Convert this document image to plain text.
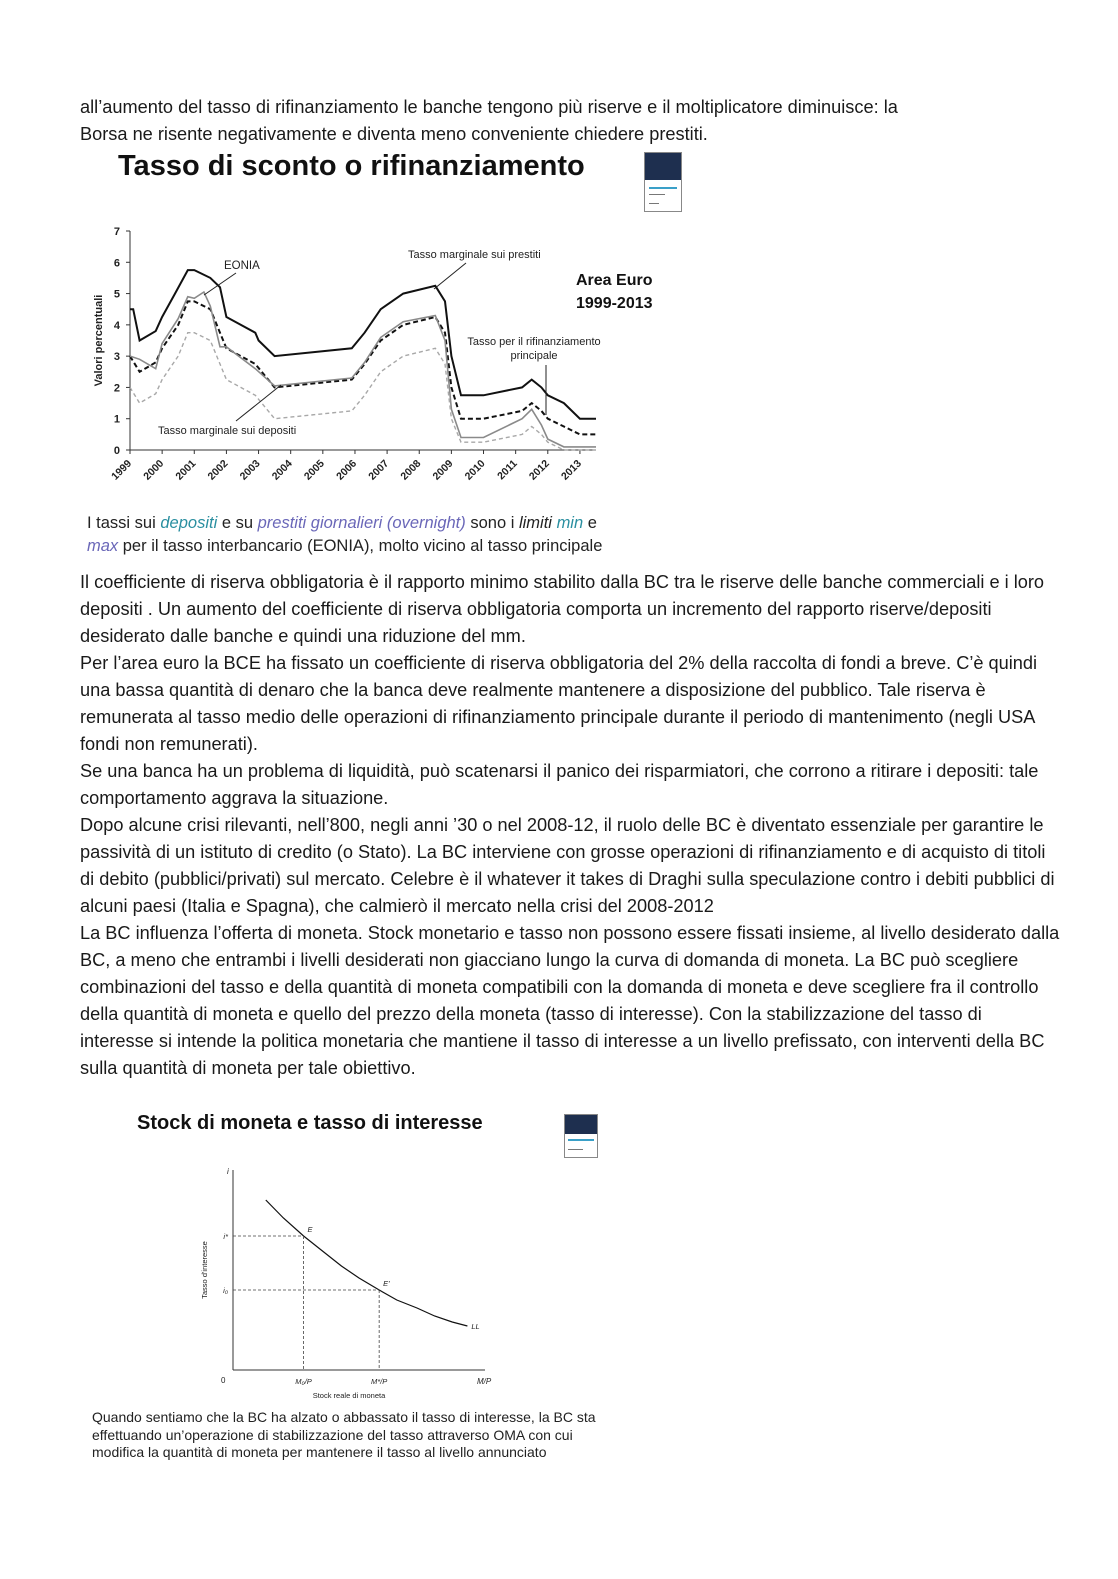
all’aumento del tasso di rifinanziamento le banche tengono più riserve e il moltiplicatore diminuisce: la
Borsa ne risente negativamente e diventa meno conveniente chiedere prestiti.
Tasso di sconto o rifinanziamento
0
1
2
3
4
5
6
7
1999 2000 2001 2002 2003 2004 2005 2006 2007 2008 2009 2010 2011 2012 2013
Valori percentuali
EONIA
Tasso marginale sui prestiti
Tasso per il rifinanziamento
principale
Tasso marginale sui depositi
Area Euro
1999-2013
I tassi sui depositi e su prestiti giornalieri (overnight) sono i limiti min e
max per il tasso interbancario (EONIA), molto vicino al tasso principale
Il coefficiente di riserva obbligatoria è il rapporto minimo stabilito dalla BC tra le riserve delle banche commerciali e i loro depositi . Un aumento del coefficiente di riserva obbligatoria comporta un incremento del rapporto riserve/depositi desiderato dalle banche e quindi una riduzione del mm.
Per l’area euro la BCE ha fissato un coefficiente di riserva obbligatoria del 2% della raccolta di fondi a breve. C’è quindi una bassa quantità di denaro che la banca deve realmente mantenere a disposizione del pubblico. Tale riserva è remunerata al tasso medio delle operazioni di rifinanziamento principale durante il periodo di mantenimento (negli USA fondi non remunerati).
Se una banca ha un problema di liquidità, può scatenarsi il panico dei risparmiatori, che corrono a ritirare i depositi: tale comportamento aggrava la situazione.
Dopo alcune crisi rilevanti, nell’800, negli anni ’30 o nel 2008-12, il ruolo delle BC è diventato essenziale per garantire le passività di un istituto di credito (o Stato). La BC interviene con grosse operazioni di rifinanziamento e di acquisto di titoli di debito (pubblici/privati) sul mercato. Celebre è il whatever it takes di Draghi sulla speculazione contro i debiti pubblici di alcuni paesi (Italia e Spagna), che calmierò il mercato nella crisi del 2008-2012
La BC influenza l’offerta di moneta. Stock monetario e tasso non possono essere fissati insieme, al livello desiderato dalla BC, a meno che entrambi i livelli desiderati non giacciano lungo la curva di domanda di moneta. La BC può scegliere combinazioni del tasso e della quantità di moneta compatibili con la domanda di moneta e deve scegliere fra il controllo della quantità di moneta e quello del prezzo della moneta (tasso di interesse). Con la stabilizzazione del tasso di interesse si intende la politica monetaria che mantiene il tasso di interesse a un livello prefissato, con interventi della BC sulla quantità di moneta per tale obiettivo.
Stock di moneta e tasso di interesse
i
M/P
0
Tasso d'interesse
Stock reale di moneta
LL
E
i*
M₀/P
E'
i₀
M*/P
Quando sentiamo che la BC ha alzato o abbassato il tasso di interesse, la BC sta effettuando un’operazione di stabilizzazione del tasso attraverso OMA con cui modifica la quantità di moneta per mantenere il tasso al livello annunciato
